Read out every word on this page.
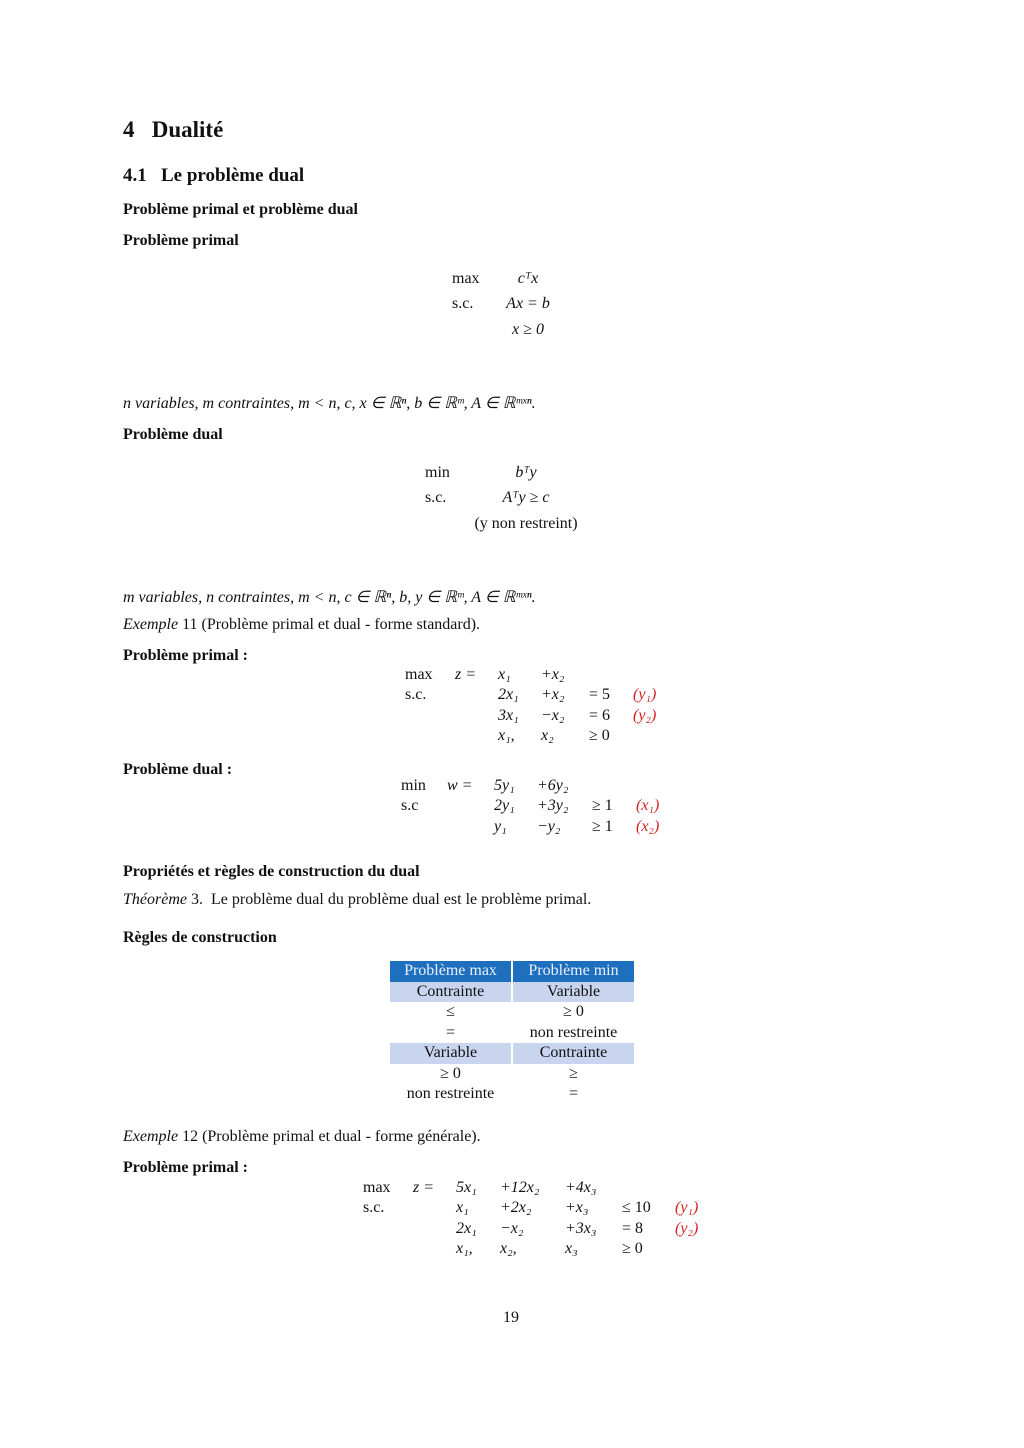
4 Dualité
4.1 Le problème dual
Problème primal et problème dual
Problème primal
max cᵀx
s.c. Ax = b
x ≥ 0
n variables, m contraintes, m < n, c, x ∈ ℝⁿ, b ∈ ℝᵐ, A ∈ ℝᵐˣⁿ.
Problème dual
min	bᵀy
s.c.	Aᵀy ≥ c
(y non restreint)
m variables, n contraintes, m < n, c ∈ ℝⁿ, b, y ∈ ℝᵐ, A ∈ ℝᵐˣⁿ.
Exemple 11 (Problème primal et dual - forme standard).
Problème primal :
max z = x₁ +x₂
s.c.	2x₁ +x₂ = 5 (y₁)
3x₁ −x₂ = 6 (y₂)
x₁, x₂ ≥ 0
Problème dual :
min w = 5y₁ +6y₂
s.c	2y₁ +3y₂ ≥ 1 (x₁)
y₁ −y₂ ≥ 1 (x₂)
Propriétés et règles de construction du dual
Théorème 3. Le problème dual du problème dual est le problème primal.
Règles de construction
Problème max	Problème min
Contrainte	Variable
≤	≥ 0
=	non restreinte
Variable	Contrainte
≥ 0	≥
non restreinte	=
Exemple 12 (Problème primal et dual - forme générale).
Problème primal :
max z = 5x₁ +12x₂ +4x₃
s.c.	x₁ +2x₂ +x₃ ≤ 10 (y₁)
2x₁ −x₂	+3x₃ = 8 (y₂)
x₁, x₂,	x₃	≥ 0
19
